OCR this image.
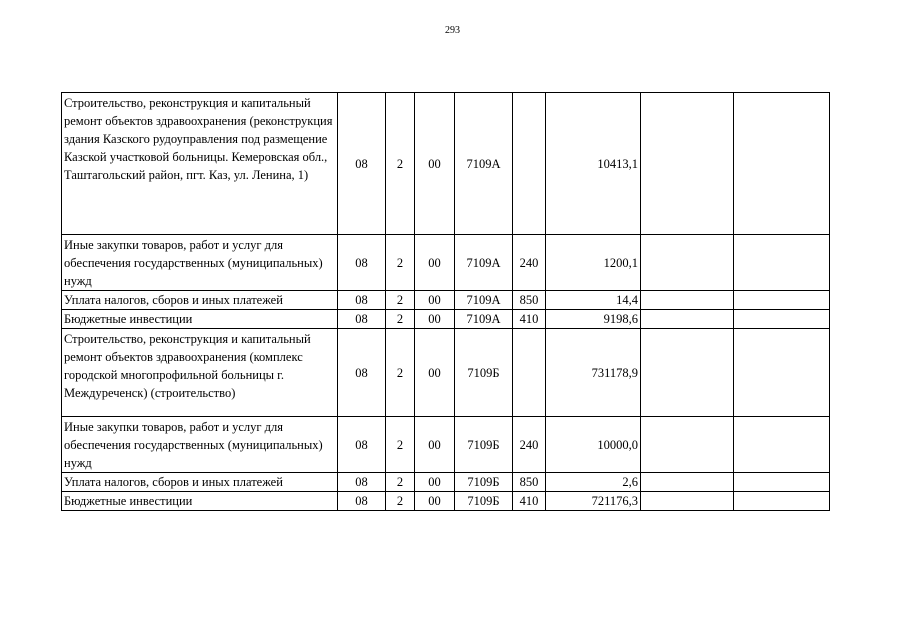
293
Строительство, реконструкция и капитальный ремонт объектов здравоохранения (реконструкция здания Казского рудоуправления под размещение Казской участковой больницы. Кемеровская обл., Таштагольский район, пгт. Каз, ул. Ленина, 1)	08	2	00	7109А		10413,1		
Иные закупки товаров, работ и услуг для обеспечения государственных (муниципальных) нужд	08	2	00	7109А	240	1200,1		
Уплата налогов, сборов и иных платежей	08	2	00	7109А	850	14,4		
Бюджетные инвестиции	08	2	00	7109А	410	9198,6		
Строительство, реконструкция и капитальный ремонт объектов здравоохранения (комплекс городской многопрофильной больницы г. Междуреченск) (строительство)	08	2	00	7109Б		731178,9		
Иные закупки товаров, работ и услуг для обеспечения государственных (муниципальных) нужд	08	2	00	7109Б	240	10000,0		
Уплата налогов, сборов и иных платежей	08	2	00	7109Б	850	2,6		
Бюджетные инвестиции	08	2	00	7109Б	410	721176,3		
